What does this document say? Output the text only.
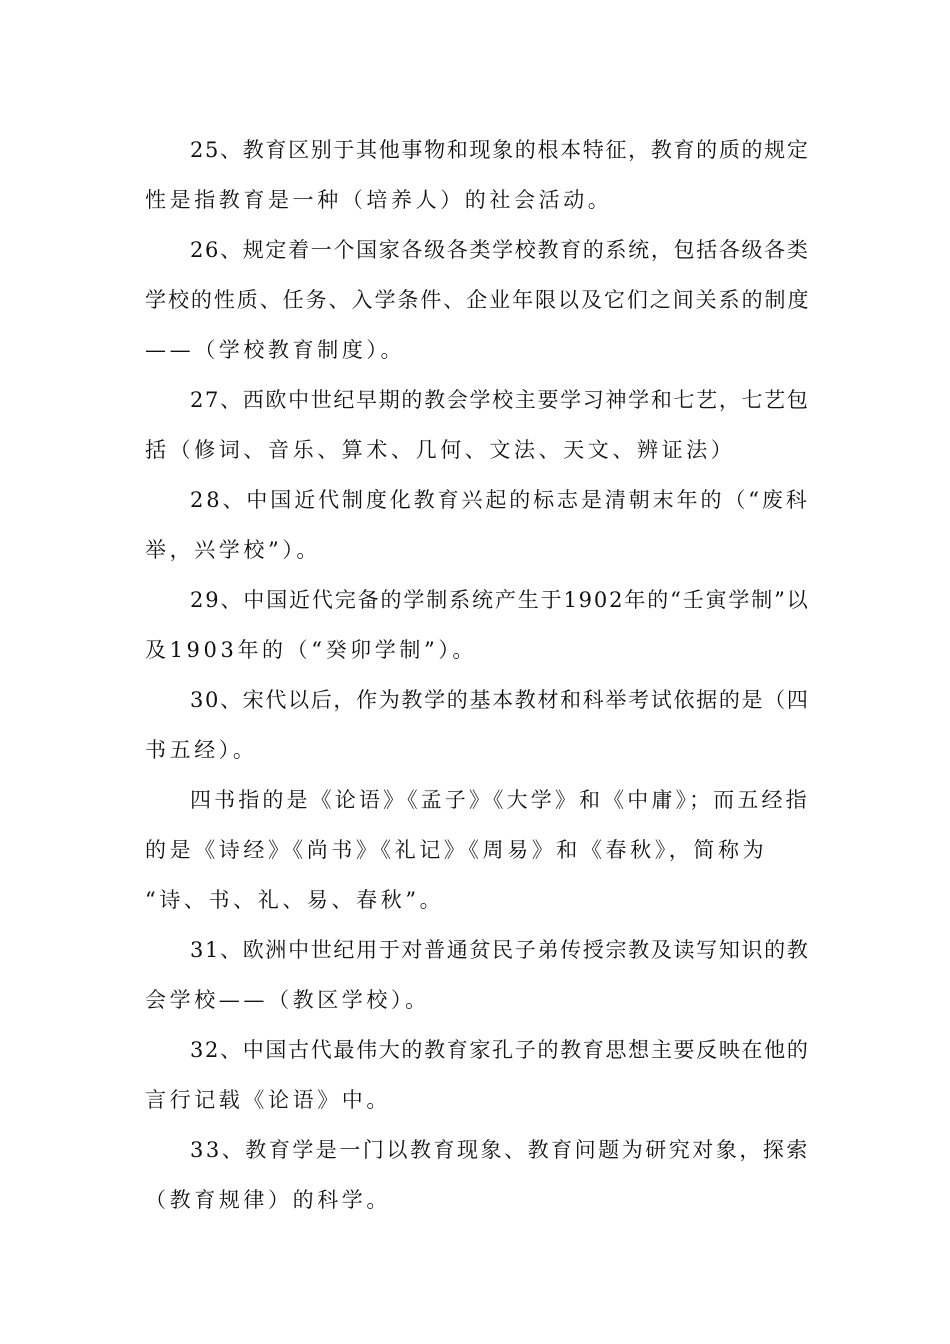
25、教育区别于其他事物和现象的根本特征，教育的质的规定
性是指教育是一种（培养人）的社会活动。
26、规定着一个国家各级各类学校教育的系统，包括各级各类
学校的性质、任务、入学条件、企业年限以及它们之间关系的制度
——（学校教育制度）。
27、西欧中世纪早期的教会学校主要学习神学和七艺，七艺包
括（修词、音乐、算术、几何、文法、天文、辨证法）
28、中国近代制度化教育兴起的标志是清朝末年的（“废科
举，兴学校”）。
29、中国近代完备的学制系统产生于1902年的“壬寅学制”以
及1903年的（“癸卯学制”）。
30、宋代以后，作为教学的基本教材和科举考试依据的是（四
书五经）。
四书指的是《论语》《孟子》《大学》和《中庸》；而五经指
的是《诗经》《尚书》《礼记》《周易》和《春秋》，简称为
“诗、书、礼、易、春秋”。
31、欧洲中世纪用于对普通贫民子弟传授宗教及读写知识的教
会学校——（教区学校）。
32、中国古代最伟大的教育家孔子的教育思想主要反映在他的
言行记载《论语》中。
33、教育学是一门以教育现象、教育问题为研究对象，探索
（教育规律）的科学。
